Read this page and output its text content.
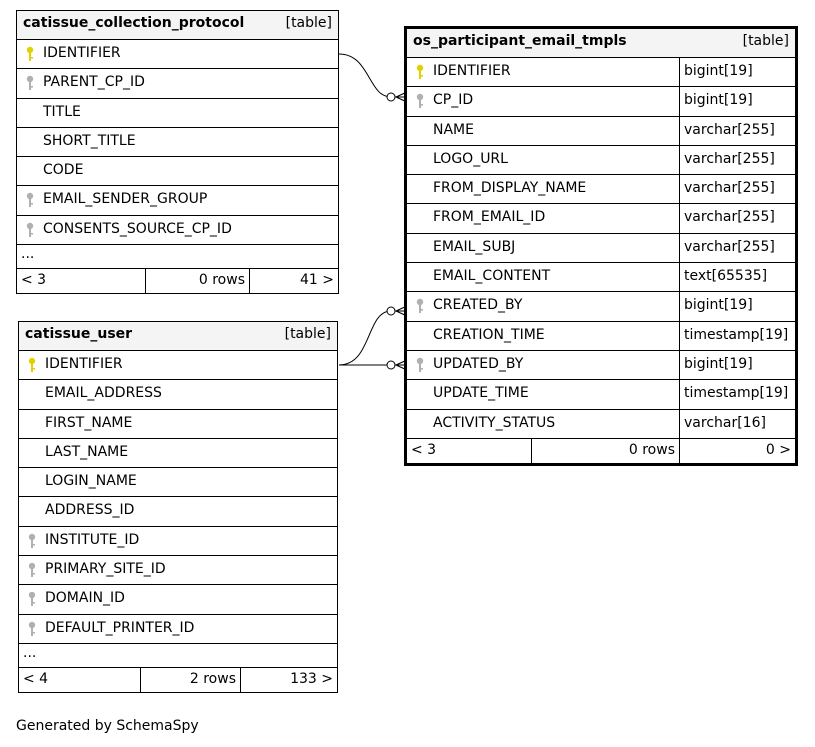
catissue_collection_protocol	[table]
IDENTIFIER
PARENT_CP_ID
TITLE
SHORT_TITLE
CODE
EMAIL_SENDER_GROUP
CONSENTS_SOURCE_CP_ID
...
< 3	0 rows	41 >
catissue_user	[table]
IDENTIFIER
EMAIL_ADDRESS
FIRST_NAME
LAST_NAME
LOGIN_NAME
ADDRESS_ID
INSTITUTE_ID
PRIMARY_SITE_ID
DOMAIN_ID
DEFAULT_PRINTER_ID
...
< 4	2 rows	133 >
os_participant_email_tmpls	[table]
IDENTIFIER	bigint[19]
CP_ID	bigint[19]
NAME	varchar[255]
LOGO_URL	varchar[255]
FROM_DISPLAY_NAME	varchar[255]
FROM_EMAIL_ID	varchar[255]
EMAIL_SUBJ	varchar[255]
EMAIL_CONTENT	text[65535]
CREATED_BY	bigint[19]
CREATION_TIME	timestamp[19]
UPDATED_BY	bigint[19]
UPDATE_TIME	timestamp[19]
ACTIVITY_STATUS	varchar[16]
< 3	0 rows	0 >
Generated by SchemaSpy
